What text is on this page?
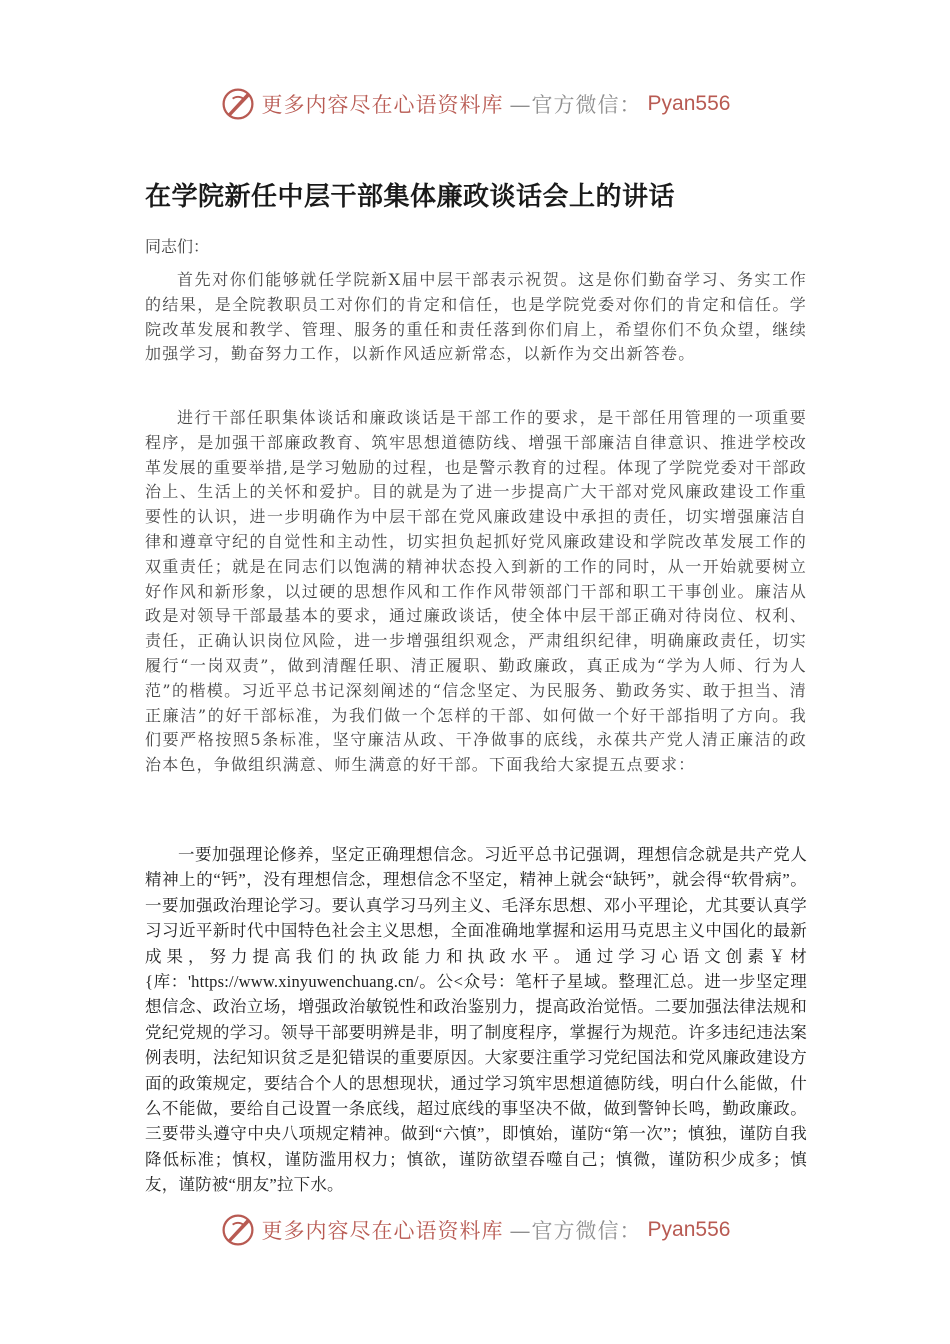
更多内容尽在心语资料库 —官方微信： Pyan556
在学院新任中层干部集体廉政谈话会上的讲话
同志们：

首先对你们能够就任学院新X届中层干部表示祝贺。这是你们勤奋学习、务实工作的结果，是全院教职员工对你们的肯定和信任，也是学院党委对你们的肯定和信任。学院改革发展和教学、管理、服务的重任和责任落到你们肩上，希望你们不负众望，继续加强学习，勤奋努力工作，以新作风适应新常态，以新作为交出新答卷。

进行干部任职集体谈话和廉政谈话是干部工作的要求，是干部任用管理的一项重要程序，是加强干部廉政教育、筑牢思想道德防线、增强干部廉洁自律意识、推进学校改革发展的重要举措,是学习勉励的过程，也是警示教育的过程。体现了学院党委对干部政治上、生活上的关怀和爱护。目的就是为了进一步提高广大干部对党风廉政建设工作重要性的认识，进一步明确作为中层干部在党风廉政建设中承担的责任，切实增强廉洁自律和遵章守纪的自觉性和主动性，切实担负起抓好党风廉政建设和学院改革发展工作的双重责任；就是在同志们以饱满的精神状态投入到新的工作的同时，从一开始就要树立好作风和新形象，以过硬的思想作风和工作作风带领部门干部和职工干事创业。廉洁从政是对领导干部最基本的要求，通过廉政谈话，使全体中层干部正确对待岗位、权利、责任，正确认识岗位风险，进一步增强组织观念，严肃组织纪律，明确廉政责任，切实履行“一岗双责”，做到清醒任职、清正履职、勤政廉政，真正成为“学为人师、行为人范”的楷模。习近平总书记深刻阐述的“信念坚定、为民服务、勤政务实、敢于担当、清正廉洁”的好干部标准，为我们做一个怎样的干部、如何做一个好干部指明了方向。我们要严格按照5条标准，坚守廉洁从政、干净做事的底线，永葆共产党人清正廉洁的政治本色，争做组织满意、师生满意的好干部。下面我给大家提五点要求：

一要加强理论修养，坚定正确理想信念。习近平总书记强调，理想信念就是共产党人精神上的“钙”，没有理想信念，理想信念不坚定，精神上就会“缺钙”，就会得“软骨病”。一要加强政治理论学习。要认真学习马列主义、毛泽东思想、邓小平理论，尤其要认真学习习近平新时代中国特色社会主义思想，全面准确地掌握和运用马克思主义中国化的最新成果，努力提高我们的执政能力和执政水平。通过学习心语文创素￥材{库：'https://www.xinyuwenchuang.cn/。公<众号：笔杆子星域。整理汇总。进一步坚定理想信念、政治立场，增强政治敏锐性和政治鉴别力，提高政治觉悟。二要加强法律法规和党纪党规的学习。领导干部要明辨是非，明了制度程序，掌握行为规范。许多违纪违法案例表明，法纪知识贫乏是犯错误的重要原因。大家要注重学习党纪国法和党风廉政建设方面的政策规定，要结合个人的思想现状，通过学习筑牢思想道德防线，明白什么能做，什么不能做，要给自己设置一条底线，超过底线的事坚决不做，做到警钟长鸣，勤政廉政。三要带头遵守中央八项规定精神。做到“六慎”，即慎始，谨防“第一次”；慎独，谨防自我降低标准；慎权，谨防滥用权力；慎欲，谨防欲望吞噬自己；慎微，谨防积少成多；慎友，谨防被“朋友”拉下水。

更多内容尽在心语资料库 —官方微信： Pyan556
